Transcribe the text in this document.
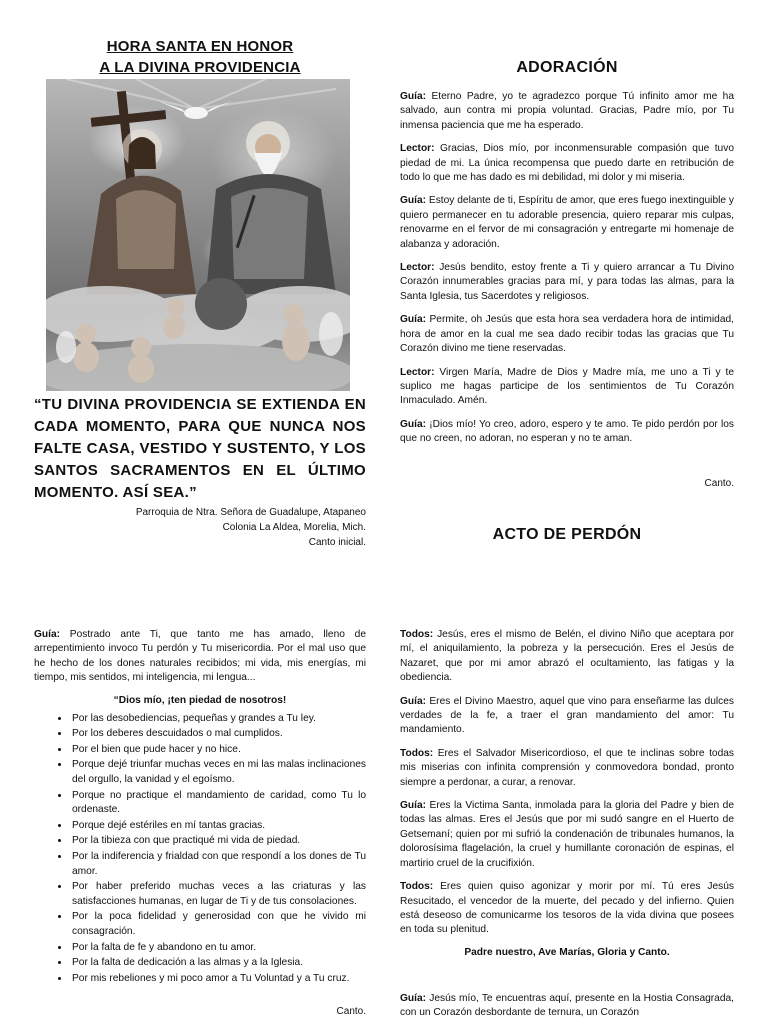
HORA SANTA EN HONOR
A LA DIVINA PROVIDENCIA
“TU DIVINA PROVIDENCIA SE EXTIENDA EN CADA MOMENTO, PARA QUE NUNCA NOS FALTE CASA, VESTIDO Y SUSTENTO, Y LOS SANTOS SACRAMENTOS EN EL ÚLTIMO MOMENTO. ASÍ SEA.”
Parroquia de Ntra. Señora de Guadalupe, Atapaneo
Colonia La Aldea, Morelia, Mich.
Canto inicial.
ADORACIÓN

Guía: Eterno Padre, yo te agradezco porque Tú infinito amor me ha salvado, aun contra mi propia voluntad. Gracias, Padre mío, por Tu inmensa paciencia que me ha esperado.

Lector: Gracias, Dios mío, por inconmensurable compasión que tuvo piedad de mi. La única recompensa que puedo darte en retribución de todo lo que me has dado es mi debilidad, mi dolor y mi miseria.

Guía: Estoy delante de ti, Espíritu de amor, que eres fuego inextinguible y quiero permanecer en tu adorable presencia, quiero reparar mis culpas, renovarme en el fervor de mi consagración y entregarte mi homenaje de alabanza y adoración.

Lector: Jesús bendito, estoy frente a Ti y quiero arrancar a Tu Divino Corazón innumerables gracias para mí, y para todas las almas, para la Santa Iglesia, tus Sacerdotes y religiosos.

Guía: Permite, oh Jesús que esta hora sea verdadera hora de intimidad, hora de amor en la cual me sea dado recibir todas las gracias que Tu Corazón divino me tiene reservadas.

Lector: Virgen María, Madre de Dios y Madre mía, me uno a Ti y te suplico me hagas participe de los sentimientos de Tu Corazón Inmaculado. Amén.

Guía: ¡Dios mío! Yo creo, adoro, espero y te amo. Te pido perdón por los que no creen, no adoran, no esperan y no te aman.

Canto.
ACTO DE PERDÓN

Guía: Postrado ante Ti, que tanto me has amado, lleno de arrepentimiento invoco Tu perdón y Tu misericordia. Por el mal uso que he hecho de los dones naturales recibidos; mi vida, mis energías, mi tiempo, mis sentidos, mi inteligencia, mi lengua...

“Dios mío, ¡ten piedad de nosotros!
• Por las desobediencias, pequeñas y grandes a Tu ley.
• Por los deberes descuidados o mal cumplidos.
• Por el bien que pude hacer y no hice.
• Porque dejé triunfar muchas veces en mi las malas inclinaciones del orgullo, la vanidad y el egoísmo.
• Porque no practique el mandamiento de caridad, como Tu lo ordenaste.
• Porque dejé estériles en mí tantas gracias.
• Por la tibieza con que practiqué mi vida de piedad.
• Por la indiferencia y frialdad con que respondí a los dones de Tu amor.
• Por haber preferido muchas veces a las criaturas y las satisfacciones humanas, en lugar de Ti y de tus consolaciones.
• Por la poca fidelidad y generosidad con que he vivido mi consagración.
• Por la falta de fe y abandono en tu amor.
• Por la falta de dedicación a las almas y a la Iglesia.
• Por mis rebeliones y mi poco amor a Tu Voluntad y a Tu cruz.
Canto.

Todos: Jesús, eres el mismo de Belén, el divino Niño que aceptara por mí, el aniquilamiento, la pobreza y la persecución. Eres el Jesús de Nazaret, que por mi amor abrazó el ocultamiento, las fatigas y la obediencia.

Guía: Eres el Divino Maestro, aquel que vino para enseñarme las dulces verdades de la fe, a traer el gran mandamiento del amor: Tu mandamiento.

Todos: Eres el Salvador Misericordioso, el que te inclinas sobre todas mis miserias con infinita comprensión y conmovedora bondad, pronto siempre a perdonar, a curar, a renovar.

Guía: Eres la Victima Santa, inmolada para la gloria del Padre y bien de todas las almas. Eres el Jesús que por mi sudó sangre en el Huerto de Getsemaní; quien por mi sufrió la condenación de tribunales humanos, la dolorosísima flagelación, la cruel y humillante coronación de espinas, el martirio cruel de la crucifixión.

Todos: Eres quien quiso agonizar y morir por mí. Tú eres Jesús Resucitado, el vencedor de la muerte, del pecado y del infierno. Quien está deseoso de comunicarme los tesoros de la vida divina que posees en toda su plenitud.

Padre nuestro, Ave Marías, Gloria y Canto.

Guía: Jesús mío, Te encuentras aquí, presente en la Hostia Consagrada, con un Corazón desbordante de ternura, un Corazón
